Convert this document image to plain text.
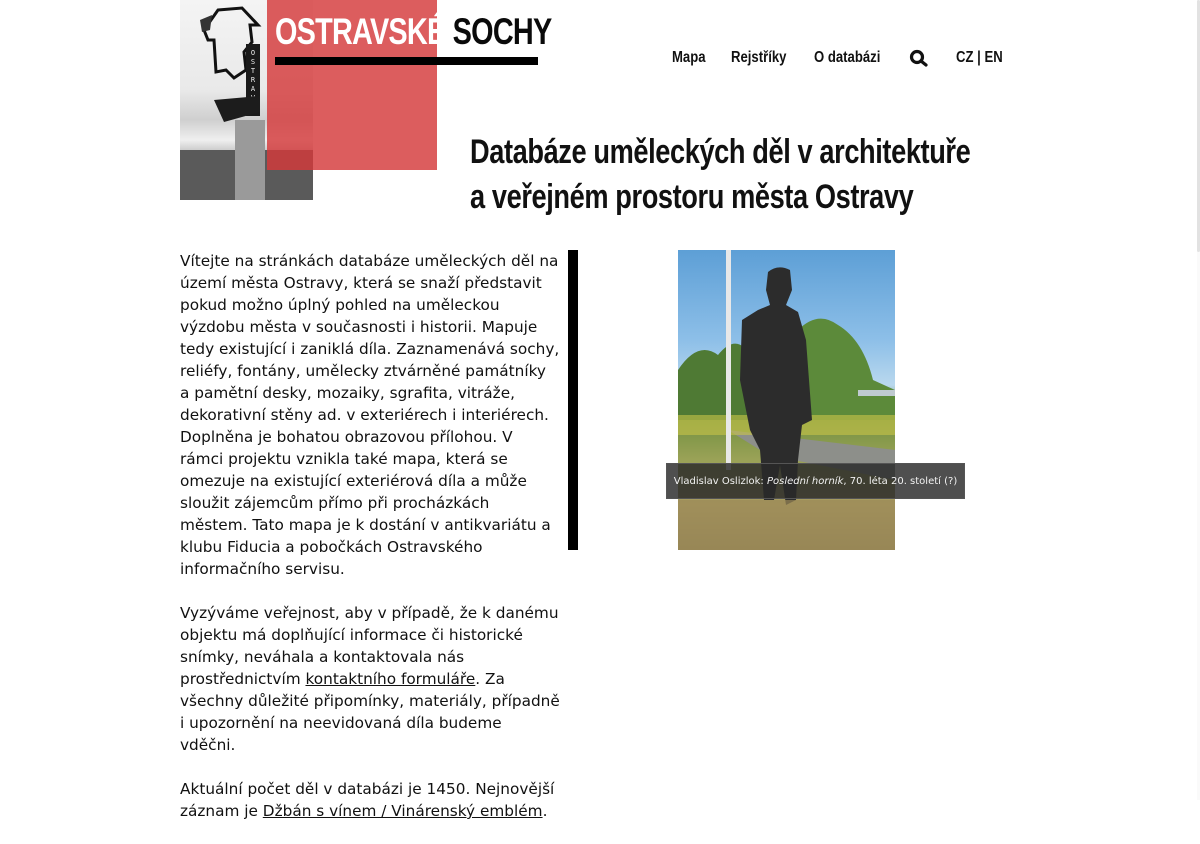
O
S
T
R
A
OSTRAVSKÉ SOCHY
Mapa Rejstříky O databázi	CZ | EN
Databáze uměleckých děl v architektuře
a veřejném prostoru města Ostravy

Vítejte na stránkách databáze uměleckých děl na území města Ostravy, která se snaží představit pokud možno úplný pohled na uměleckou výzdobu města v současnosti i historii. Mapuje tedy existující i zaniklá díla. Zaznamenává sochy, reliéfy, fontány, umělecky ztvárněné památníky a pamětní desky, mozaiky, sgrafita, vitráže, dekorativní stěny ad. v exteriérech i interiérech. Doplněna je bohatou obrazovou přílohou. V rámci projektu vznikla také mapa, která se omezuje na existující exteriérová díla a může sloužit zájemcům přímo při procházkách městem. Tato mapa je k dostání v antikvariátu a klubu Fiducia a pobočkách Ostravského informačního servisu.

Vyzýváme veřejnost, aby v případě, že k danému objektu má doplňující informace či historické snímky, neváhala a kontaktovala nás prostřednictvím kontaktního formuláře. Za všechny důležité připomínky, materiály, případně i upozornění na neevidovaná díla budeme vděčni.

Aktuální počet děl v databázi je 1450. Nejnovější záznam je Džbán s vínem / Vinárenský emblém.

Vladislav Oslizlok: Poslední horník, 70. léta 20. století (?)
